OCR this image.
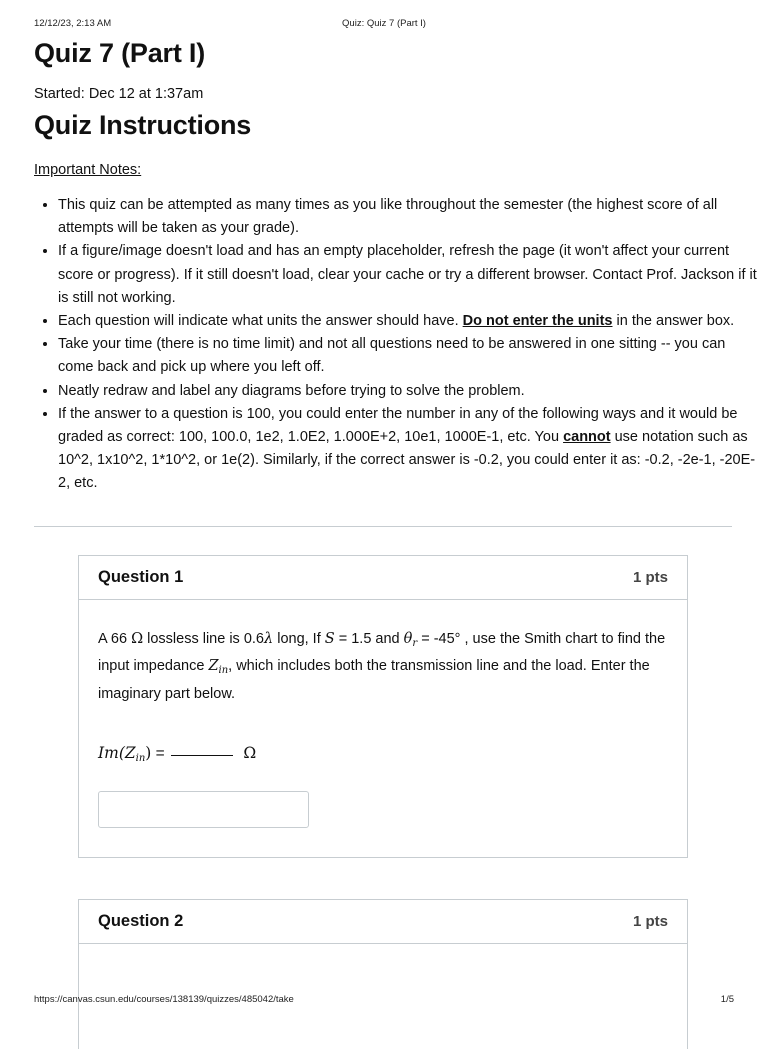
12/12/23, 2:13 AM	Quiz: Quiz 7 (Part I)
Quiz 7 (Part I)
Started: Dec 12 at 1:37am
Quiz Instructions
Important Notes:
• This quiz can be attempted as many times as you like throughout the semester (the highest score of all attempts will be taken as your grade).
• If a figure/image doesn't load and has an empty placeholder, refresh the page (it won't affect your current score or progress). If it still doesn't load, clear your cache or try a different browser. Contact Prof. Jackson if it is still not working.
• Each question will indicate what units the answer should have. Do not enter the units in the answer box.
• Take your time (there is no time limit) and not all questions need to be answered in one sitting -- you can come back and pick up where you left off.
• Neatly redraw and label any diagrams before trying to solve the problem.
• If the answer to a question is 100, you could enter the number in any of the following ways and it would be graded as correct: 100, 100.0, 1e2, 1.0E2, 1.000E+2, 10e1, 1000E-1, etc. You cannot use notation such as 10^2, 1x10^2, 1*10^2, or 1e(2). Similarly, if the correct answer is -0.2, you could enter it as: -0.2, -2e-1, -20E-2, etc.
Question 1	1 pts
A 66 Ω lossless line is 0.6λ long, If S = 1.5 and $\theta_r = -45^\circ$ , use the Smith chart to find the input impedance $Z_{in}$, which includes both the transmission line and the load. Enter the imaginary part below.
$Im(Z_{in})$ =	Ω
Question 2	1 pts
https://canvas.csun.edu/courses/138139/quizzes/485042/take	1/5
